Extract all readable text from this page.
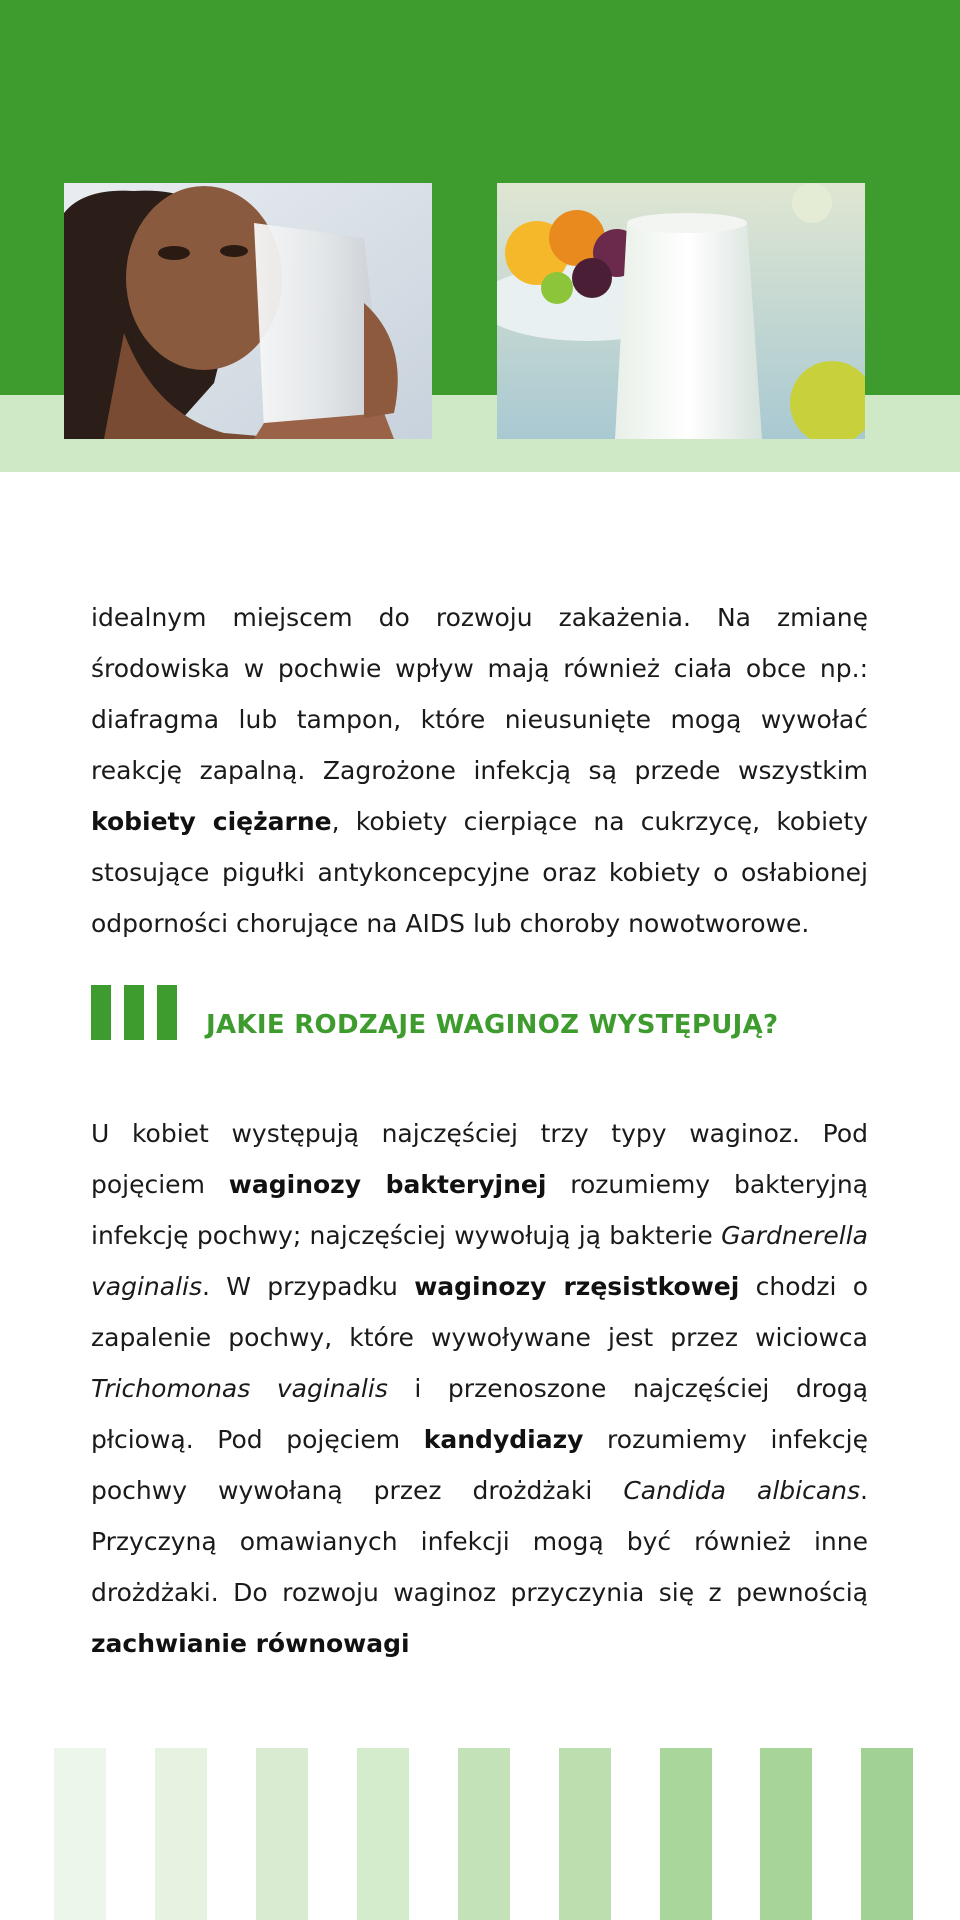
idealnym miejscem do rozwoju zakażenia. Na zmianę środowiska w pochwie wpływ mają również ciała obce np.: diafragma lub tampon, które nieusunięte mogą wywołać reakcję zapalną. Zagrożone infekcją są przede wszystkim kobiety ciężarne, kobiety cierpiące na cukrzycę, kobiety stosujące pigułki antykoncepcyjne oraz kobiety o osłabionej odporności chorujące na AIDS lub choroby nowotworowe.

JAKIE RODZAJE WAGINOZ WYSTĘPUJĄ?

U kobiet występują najczęściej trzy typy waginoz. Pod pojęciem waginozy bakteryjnej rozumiemy bakteryjną infekcję pochwy; najczęściej wywołują ją bakterie Gardnerella vaginalis. W przypadku waginozy rzęsistkowej chodzi o zapalenie pochwy, które wywoływane jest przez wiciowca Trichomonas vaginalis i przenoszone najczęściej drogą płciową. Pod pojęciem kandydiazy rozumiemy infekcję pochwy wywołaną przez drożdżaki Candida albicans. Przyczyną omawianych infekcji mogą być również inne drożdżaki. Do rozwoju waginoz przyczynia się z pewnością zachwianie równowagi
